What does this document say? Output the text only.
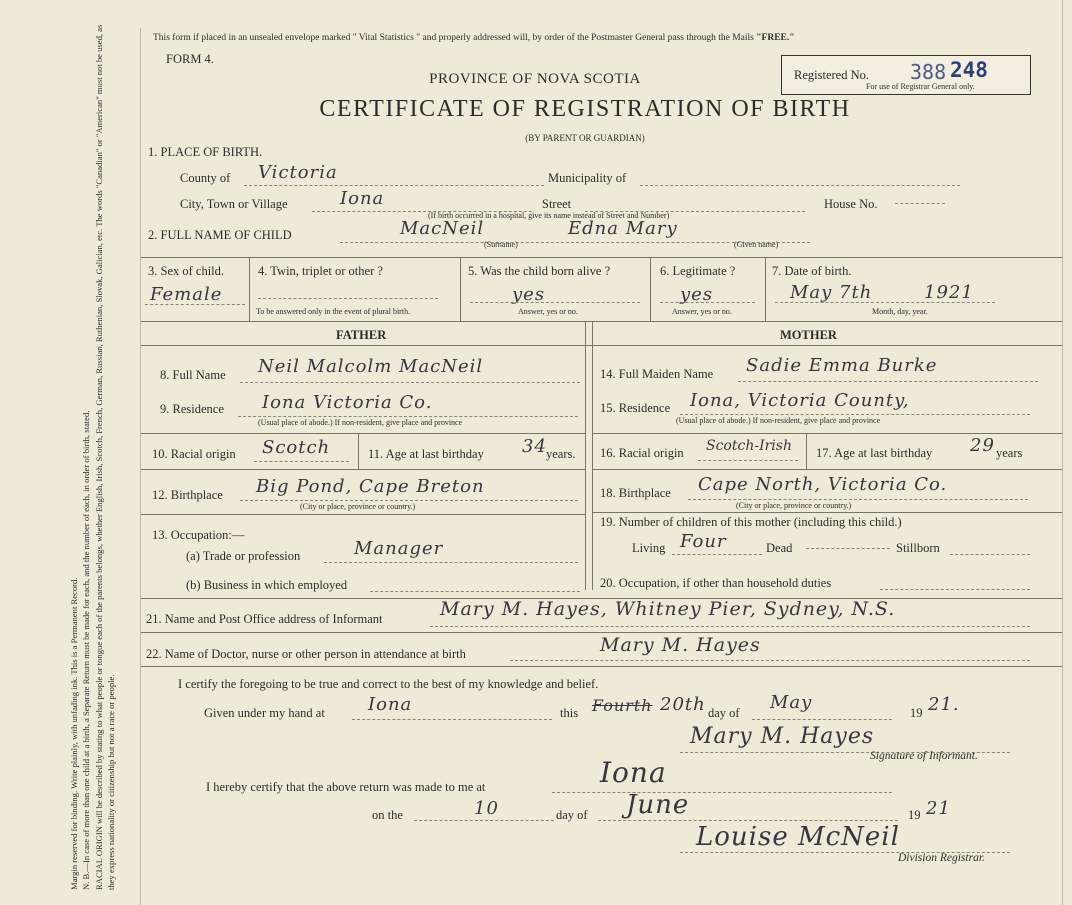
Margin reserved for binding. Write plainly, with unfading ink. This is a Permanent Record. N. B.—In case of more than one child at a birth, a Separate Return must be made for each, and the number of each, in order of birth, stated. RACIAL ORIGIN will be described by stating to what people or tongue each of the parents belongs, whether English, Irish, Scotch, French, German, Russian, Ruthenian, Slovak, Galician, etc. The words "Canadian" or "American" must not be used, as they express nationality or citizenship but not a race or people.
This form if placed in an unsealed envelope marked " Vital Statistics " and properly addressed will, by order of the Postmaster General pass through the Mails "FREE."
FORM 4.
PROVINCE OF NOVA SCOTIA
CERTIFICATE OF REGISTRATION OF BIRTH
(BY PARENT OR GUARDIAN)
Registered No. 388 248
For use of Registrar General only.
1. PLACE OF BIRTH.
County of Victoria	Municipality of
City, Town or Village	Iona	Street	House No.
(If birth occurred in a hospital, give its name instead of Street and Number)
2. FULL NAME OF CHILD	MacNeil	Edna Mary
(Surname)	(Given name)
3. Sex of child.
Female
4. Twin, triplet or other ?
To be answered only in the event of plural birth.
5. Was the child born alive ?
yes
Answer, yes or no.
6. Legitimate ?
yes
Answer, yes or no.
7. Date of birth.
May 7th	1921
Month, day, year.
FATHER	MOTHER
8. Full Name Neil Malcolm MacNeil
9. Residence Iona Victoria Co.
(Usual place of abode.) If non-resident, give place and province
10. Racial origin Scotch	11. Age at last birthday 34 years.
12. Birthplace Big Pond, Cape Breton
(City or place, province or country.)
13. Occupation:—
(a) Trade or profession	Manager
(b) Business in which employed
14. Full Maiden Name Sadie Emma Burke
15. Residence Iona, Victoria County,
(Usual place of abode.) If non-resident, give place and province
16. Racial origin Scotch-Irish 17. Age at last birthday 29 years
18. Birthplace Cape North, Victoria Co.
(City or place, province or country.)
19. Number of children of this mother (including this child.)
Living Four	Dead	Stillborn
20. Occupation, if other than household duties
21. Name and Post Office address of Informant	Mary M. Hayes, Whitney Pier, Sydney, N.S.
22. Name of Doctor, nurse or other person in attendance at birth	Mary M. Hayes
I certify the foregoing to be true and correct to the best of my knowledge and belief.
Given under my hand at Iona	this Fourth 20th day of May	19 21.
Mary M. Hayes
Signature of Informant.
I hereby certify that the above return was made to me at	Iona
on the	10	day of June	19 21
Louise McNeil
Division Registrar.
